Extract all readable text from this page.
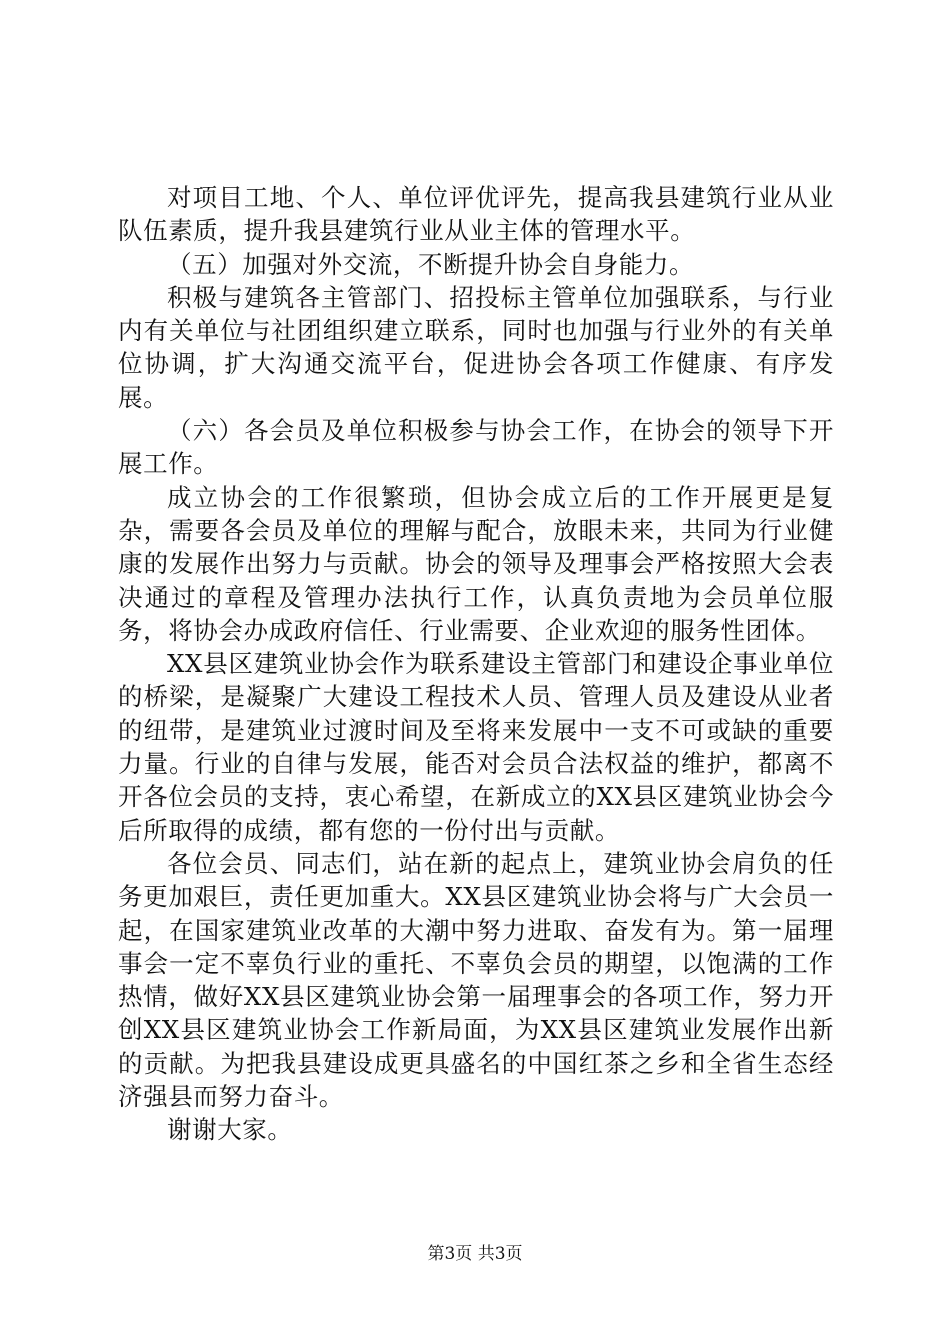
对项目工地、个人、单位评优评先，提高我县建筑行业从业队伍素质，提升我县建筑行业从业主体的管理水平。

（五）加强对外交流，不断提升协会自身能力。

积极与建筑各主管部门、招投标主管单位加强联系，与行业内有关单位与社团组织建立联系，同时也加强与行业外的有关单位协调，扩大沟通交流平台，促进协会各项工作健康、有序发展。

（六）各会员及单位积极参与协会工作，在协会的领导下开展工作。

成立协会的工作很繁琐，但协会成立后的工作开展更是复杂，需要各会员及单位的理解与配合，放眼未来，共同为行业健康的发展作出努力与贡献。协会的领导及理事会严格按照大会表决通过的章程及管理办法执行工作，认真负责地为会员单位服务，将协会办成政府信任、行业需要、企业欢迎的服务性团体。

XX县区建筑业协会作为联系建设主管部门和建设企事业单位的桥梁，是凝聚广大建设工程技术人员、管理人员及建设从业者的纽带，是建筑业过渡时间及至将来发展中一支不可或缺的重要力量。行业的自律与发展，能否对会员合法权益的维护，都离不开各位会员的支持，衷心希望，在新成立的XX县区建筑业协会今后所取得的成绩，都有您的一份付出与贡献。

各位会员、同志们，站在新的起点上，建筑业协会肩负的任务更加艰巨，责任更加重大。XX县区建筑业协会将与广大会员一起，在国家建筑业改革的大潮中努力进取、奋发有为。第一届理事会一定不辜负行业的重托、不辜负会员的期望，以饱满的工作热情，做好XX县区建筑业协会第一届理事会的各项工作，努力开创XX县区建筑业协会工作新局面，为XX县区建筑业发展作出新的贡献。为把我县建设成更具盛名的中国红茶之乡和全省生态经济强县而努力奋斗。

谢谢大家。

第3页 共3页
